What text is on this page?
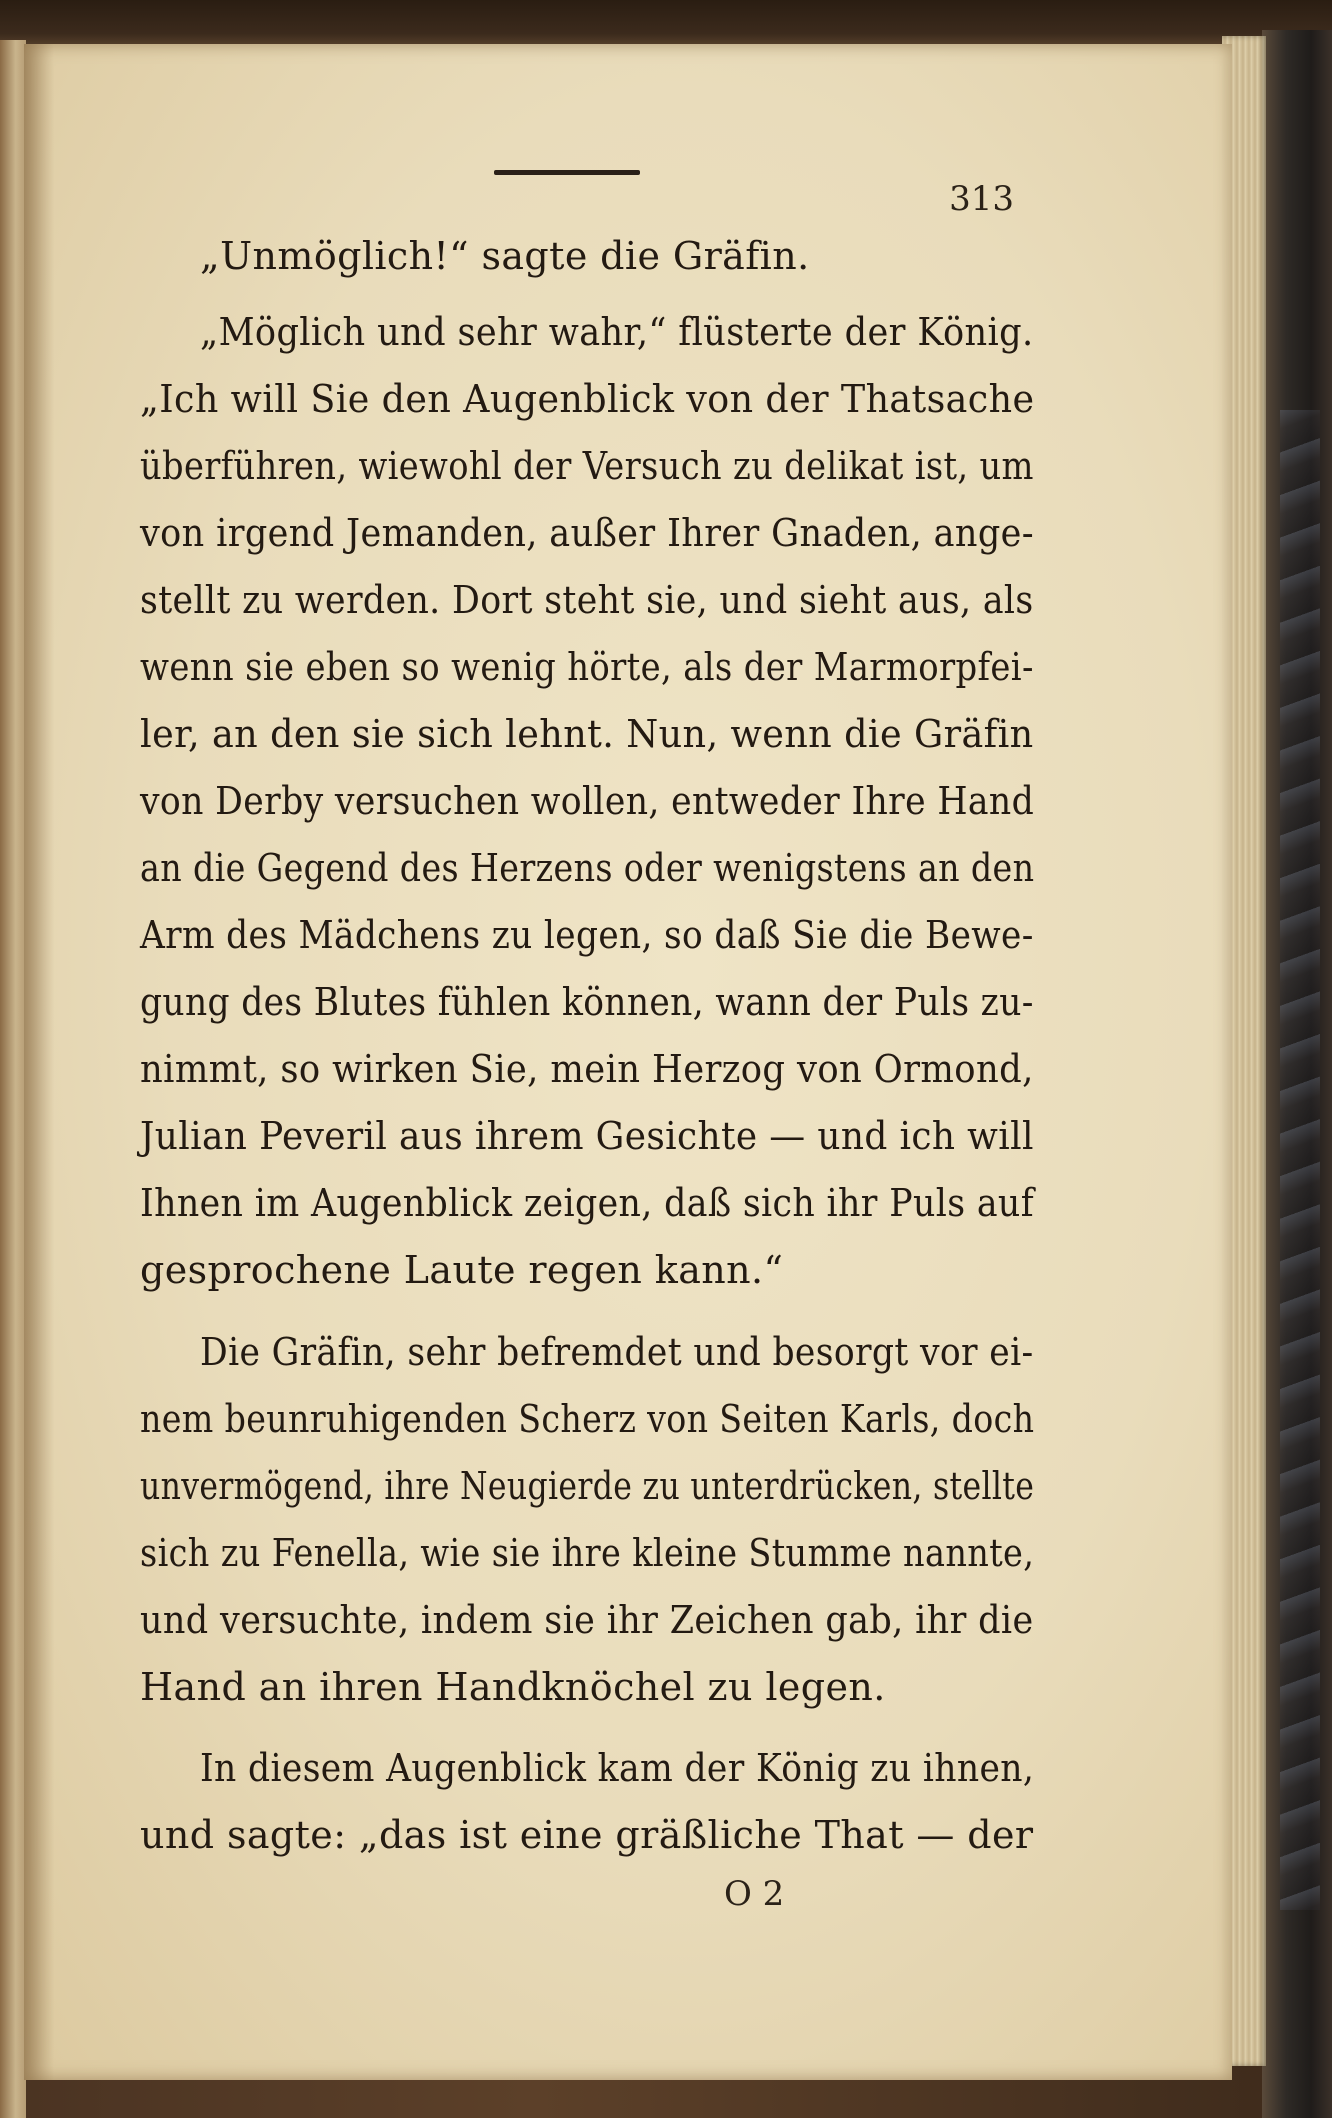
313
„Unmöglich!“ sagte die Gräfin.
„Möglich und sehr wahr,“ flüsterte der König.
„Ich will Sie den Augenblick von der Thatsache
überführen, wiewohl der Versuch zu delikat ist, um
von irgend Jemanden, außer Ihrer Gnaden, ange-
stellt zu werden. Dort steht sie, und sieht aus, als
wenn sie eben so wenig hörte, als der Marmorpfei-
ler, an den sie sich lehnt. Nun, wenn die Gräfin
von Derby versuchen wollen, entweder Ihre Hand
an die Gegend des Herzens oder wenigstens an den
Arm des Mädchens zu legen, so daß Sie die Bewe-
gung des Blutes fühlen können, wann der Puls zu-
nimmt, so wirken Sie, mein Herzog von Ormond,
Julian Peveril aus ihrem Gesichte — und ich will
Ihnen im Augenblick zeigen, daß sich ihr Puls auf
gesprochene Laute regen kann.“
Die Gräfin, sehr befremdet und besorgt vor ei-
nem beunruhigenden Scherz von Seiten Karls, doch
unvermögend, ihre Neugierde zu unterdrücken, stellte
sich zu Fenella, wie sie ihre kleine Stumme nannte,
und versuchte, indem sie ihr Zeichen gab, ihr die
Hand an ihren Handknöchel zu legen.
In diesem Augenblick kam der König zu ihnen,
und sagte: „das ist eine gräßliche That — der
O 2
